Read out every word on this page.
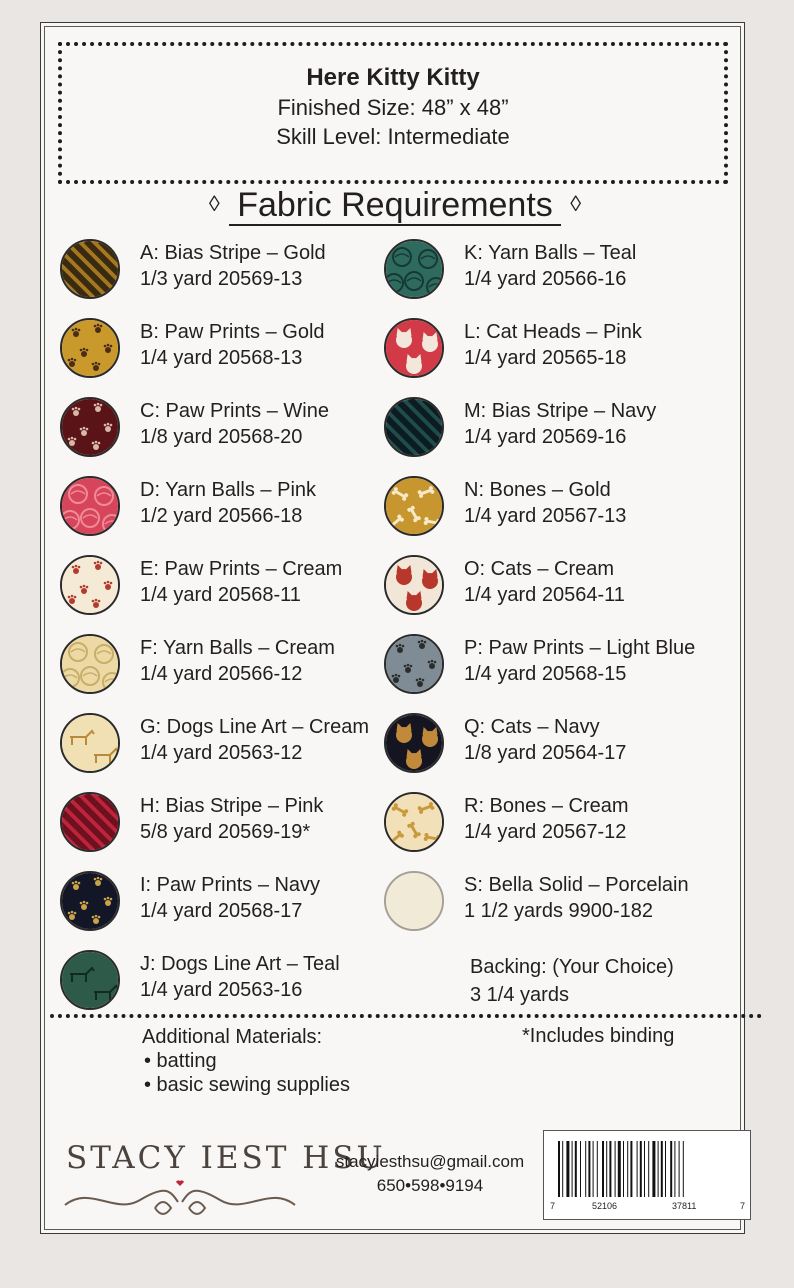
Here Kitty Kitty
Finished Size: 48” x 48”
Skill Level: Intermediate
◊ Fabric Requirements ◊
A: Bias Stripe – Gold
1/3 yard 20569-13
B: Paw Prints – Gold
1/4 yard 20568-13
C: Paw Prints – Wine
1/8 yard 20568-20
D: Yarn Balls – Pink
1/2 yard 20566-18
E: Paw Prints – Cream
1/4 yard 20568-11
F: Yarn Balls – Cream
1/4 yard 20566-12
G: Dogs Line Art – Cream
1/4 yard 20563-12
H: Bias Stripe – Pink
5/8 yard 20569-19*
I: Paw Prints – Navy
1/4 yard 20568-17
J: Dogs Line Art – Teal
1/4 yard 20563-16
K: Yarn Balls – Teal
1/4 yard 20566-16
L: Cat Heads – Pink
1/4 yard 20565-18
M: Bias Stripe – Navy
1/4 yard 20569-16
N: Bones – Gold
1/4 yard 20567-13
O: Cats – Cream
1/4 yard 20564-11
P: Paw Prints – Light Blue
1/4 yard 20568-15
Q: Cats – Navy
1/8 yard 20564-17
R: Bones – Cream
1/4 yard 20567-12
S: Bella Solid – Porcelain
1 1/2 yards 9900-182
Backing: (Your Choice)
3 1/4 yards
Additional Materials:
• batting
• basic sewing supplies
*Includes binding
STACY IEST HSU
stacyiesthsu@gmail.com
650•598•9194
7	52106	37811	7
